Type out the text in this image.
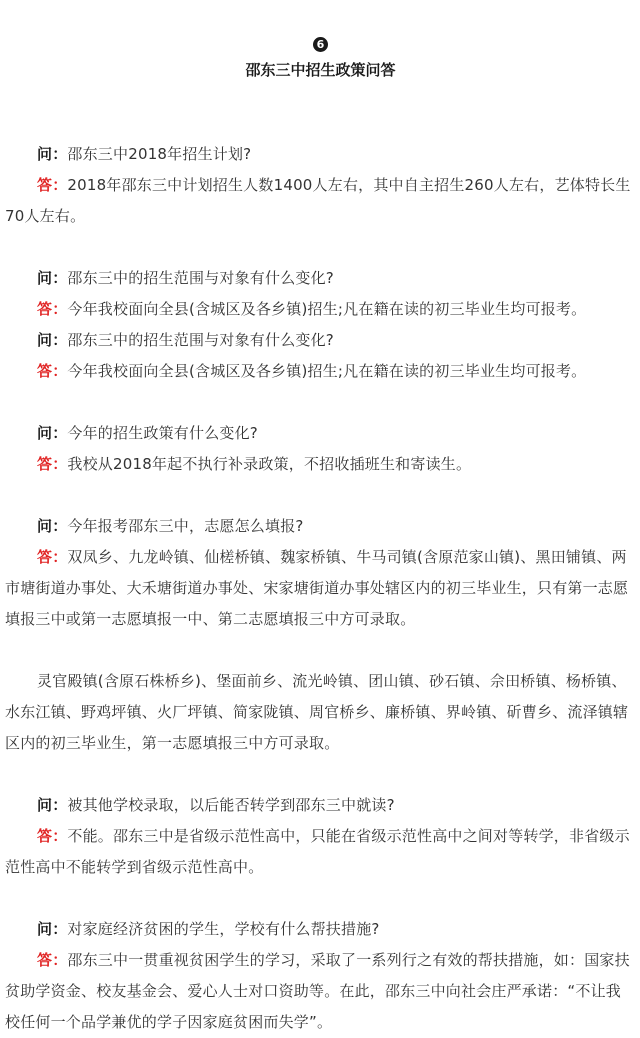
6
邵东三中招生政策问答

问：邵东三中2018年招生计划?

答：2018年邵东三中计划招生人数1400人左右，其中自主招生260人左右，艺体特长生70人左右。

问：邵东三中的招生范围与对象有什么变化?

答：今年我校面向全县(含城区及各乡镇)招生;凡在籍在读的初三毕业生均可报考。

问：邵东三中的招生范围与对象有什么变化?

答：今年我校面向全县(含城区及各乡镇)招生;凡在籍在读的初三毕业生均可报考。

问：今年的招生政策有什么变化?

答：我校从2018年起不执行补录政策，不招收插班生和寄读生。

问：今年报考邵东三中，志愿怎么填报?

答：双凤乡、九龙岭镇、仙槎桥镇、魏家桥镇、牛马司镇(含原范家山镇)、黑田铺镇、两市塘街道办事处、大禾塘街道办事处、宋家塘街道办事处辖区内的初三毕业生，只有第一志愿填报三中或第一志愿填报一中、第二志愿填报三中方可录取。

灵官殿镇(含原石株桥乡)、堡面前乡、流光岭镇、团山镇、砂石镇、佘田桥镇、杨桥镇、水东江镇、野鸡坪镇、火厂坪镇、简家陇镇、周官桥乡、廉桥镇、界岭镇、斫曹乡、流泽镇辖区内的初三毕业生，第一志愿填报三中方可录取。

问：被其他学校录取，以后能否转学到邵东三中就读?

答：不能。邵东三中是省级示范性高中，只能在省级示范性高中之间对等转学，非省级示范性高中不能转学到省级示范性高中。

问：对家庭经济贫困的学生，学校有什么帮扶措施?

答：邵东三中一贯重视贫困学生的学习，采取了一系列行之有效的帮扶措施，如：国家扶贫助学资金、校友基金会、爱心人士对口资助等。在此，邵东三中向社会庄严承诺：“不让我校任何一个品学兼优的学子因家庭贫困而失学”。
